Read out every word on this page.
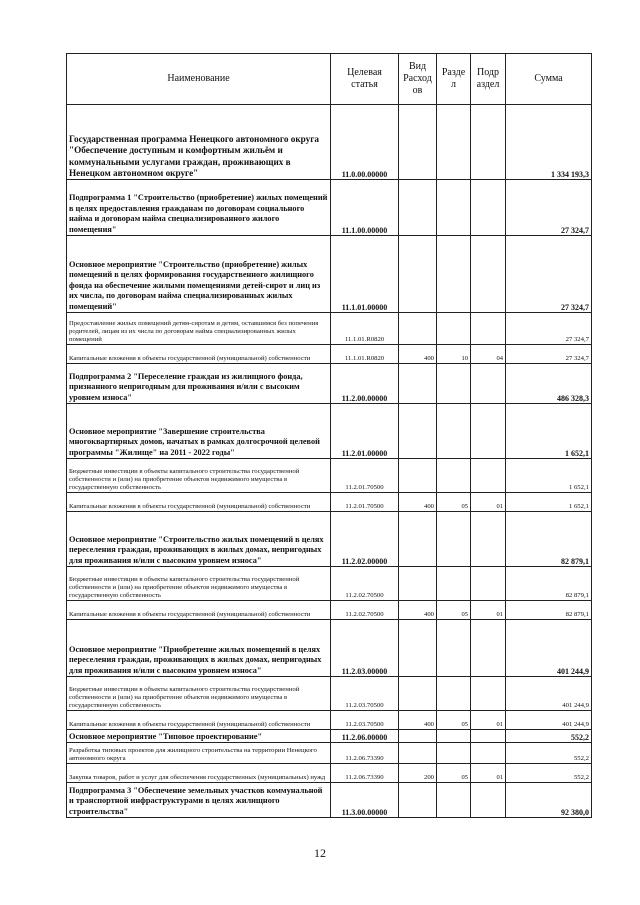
Наименование	Целевая статья	Вид Расход ов	Разде л	Подр аздел	Сумма
Государственная программа Ненецкого автономного округа "Обеспечение доступным и комфортным жильём и коммунальными услугами граждан, проживающих в Ненецком автономном округе"	11.0.00.00000				1 334 193,3
Подпрограмма 1 "Строительство (приобретение) жилых помещений в целях предоставления гражданам по договорам социального найма и договорам найма специализированного жилого помещения"	11.1.00.00000				27 324,7
Основное мероприятие "Строительство (приобретение) жилых помещений в целях формирования государственного жилищного фонда на обеспечение жилыми помещениями детей-сирот и лиц из их числа, по договорам найма специализированных жилых помещений"	11.1.01.00000				27 324,7
Предоставление жилых помещений детям-сиротам и детям, оставшимся без попечения родителей, лицам из их числа по договорам найма специализированных жилых помещений	11.1.01.R0820				27 324,7
Капитальные вложения в объекты государственной (муниципальной) собственности	11.1.01.R0820	400	10	04	27 324,7
Подпрограмма 2 "Переселение граждан из жилищного фонда, признанного непригодным для проживания и/или с высоким уровнем износа"	11.2.00.00000				486 328,3
Основное мероприятие "Завершение строительства многоквартирных домов, начатых в рамках долгосрочной целевой программы "Жилище" на 2011 - 2022 годы"	11.2.01.00000				1 652,1
Бюджетные инвестиции в объекты капитального строительства государственной собственности и (или) на приобретение объектов недвижимого имущества в государственную собственность	11.2.01.70500				1 652,1
Капитальные вложения в объекты государственной (муниципальной) собственности	11.2.01.70500	400	05	01	1 652,1
Основное мероприятие "Строительство жилых помещений в целях переселения граждан, проживающих в жилых домах, непригодных для проживания и/или с высоким уровнем износа"	11.2.02.00000				82 879,1
Бюджетные инвестиции в объекты капитального строительства государственной собственности и (или) на приобретение объектов недвижимого имущества в государственную собственность	11.2.02.70500				82 879,1
Капитальные вложения в объекты государственной (муниципальной) собственности	11.2.02.70500	400	05	01	82 879,1
Основное мероприятие "Приобретение жилых помещений в целях переселения граждан, проживающих в жилых домах, непригодных для проживания и/или с высоким уровнем износа"	11.2.03.00000				401 244,9
Бюджетные инвестиции в объекты капитального строительства государственной собственности и (или) на приобретение объектов недвижимого имущества в государственную собственность	11.2.03.70500				401 244,9
Капитальные вложения в объекты государственной (муниципальной) собственности	11.2.03.70500	400	05	01	401 244,9
Основное мероприятие "Типовое проектирование"	11.2.06.00000				552,2
Разработка типовых проектов для жилищного строительства на территории Ненецкого автономного округа	11.2.06.73390				552,2
Закупка товаров, работ и услуг для обеспечения государственных (муниципальных) нужд	11.2.06.73390	200	05	01	552,2
Подпрограмма 3 "Обеспечение земельных участков коммунальной и транспортной инфраструктурами в целях жилищного строительства"	11.3.00.00000				92 380,0
12
